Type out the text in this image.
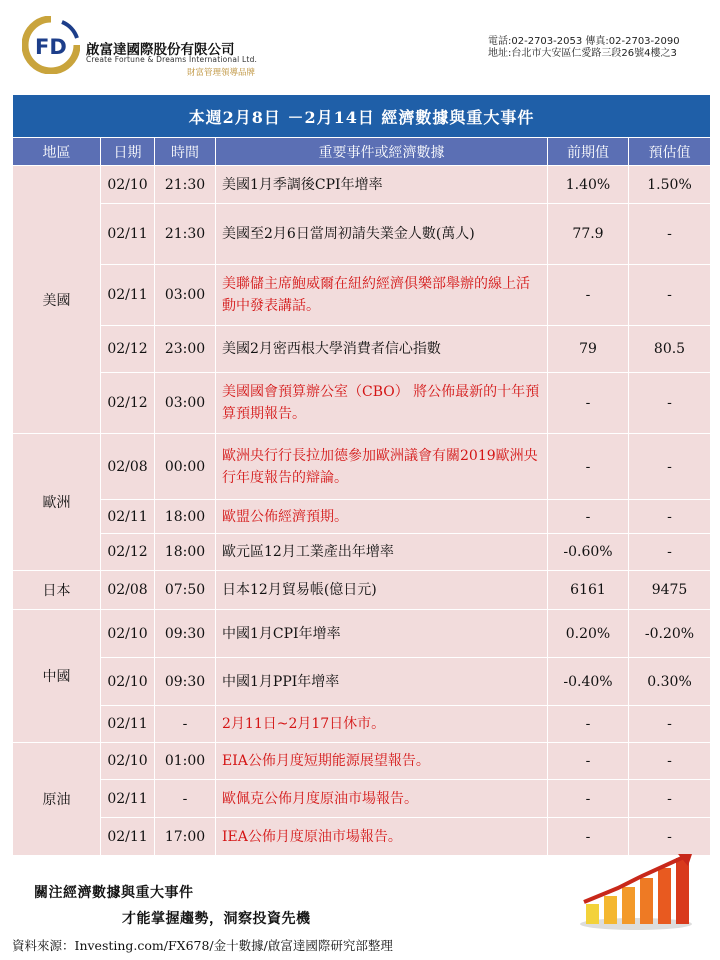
FD 啟富達國際股份有限公司
Create Fortune & Dreams International Ltd.
財富管理領導品牌
電話:02-2703-2053 傳真:02-2703-2090
地址:台北市大安區仁愛路三段26號4樓之3
本週2月8日 －2月14日 經濟數據與重大事件					
地區	日期	時間	重要事件或經濟數據	前期值	預估值
美國	02/10	21:30	美國1月季調後CPI年增率	1.40%	1.50%
	02/11	21:30	美國至2月6日當周初請失業金人數(萬人)	77.9	-
	02/11	03:00	美聯儲主席鮑威爾在紐約經濟俱樂部舉辦的線上活動中發表講話。	-	-
	02/12	23:00	美國2月密西根大學消費者信心指數	79	80.5
	02/12	03:00	美國國會預算辦公室（CBO） 將公佈最新的十年預算預期報告。	-	-
歐洲	02/08	00:00	歐洲央行行長拉加德參加歐洲議會有關2019歐洲央行年度報告的辯論。	-	-
	02/11	18:00	歐盟公佈經濟預期。	-	-
	02/12	18:00	歐元區12月工業產出年增率	-0.60%	-
日本	02/08	07:50	日本12月貿易帳(億日元)	6161	9475
中國	02/10	09:30	中國1月CPI年增率	0.20%	-0.20%
	02/10	09:30	中國1月PPI年增率	-0.40%	0.30%
	02/11	-	2月11日~2月17日休市。	-	-
原油	02/10	01:00	EIA公佈月度短期能源展望報告。	-	-
	02/11	-	歐佩克公佈月度原油市場報告。	-	-
	02/11	17:00	IEA公佈月度原油市場報告。	-	-
關注經濟數據與重大事件
才能掌握趨勢，洞察投資先機
資料來源：Investing.com/FX678/金十數據/啟富達國際研究部整理
